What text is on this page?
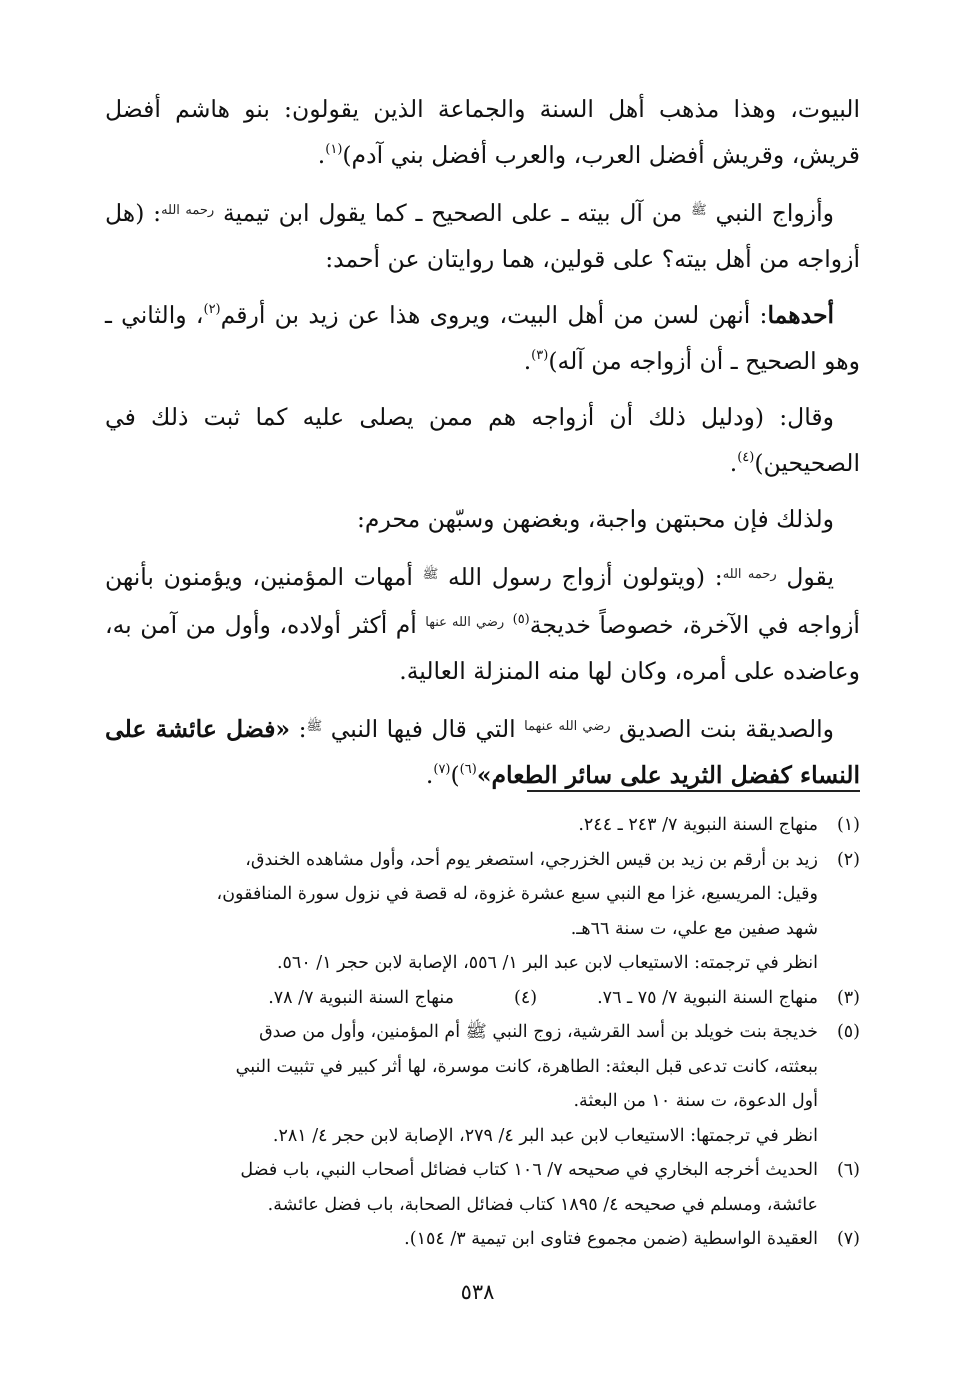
البيوت، وهذا مذهب أهل السنة والجماعة الذين يقولون: بنو هاشم أفضل قريش، وقريش أفضل العرب، والعرب أفضل بني آدم)$^{(١)}$.

وأزواج النبي $^ﷺ$ من آل بيته ـ على الصحيح ـ كما يقول ابن تيمية $^{رحمه الله}$: (هل أزواجه من أهل بيته؟ على قولين، هما روايتان عن أحمد:

أحدهما: أنهن لسن من أهل البيت، ويروى هذا عن زيد بن أرقم$^{(٢)}$، والثاني ـ وهو الصحيح ـ أن أزواجه من آله)$^{(٣)}$.

وقال: (ودليل ذلك أن أزواجه هم ممن يصلى عليه كما ثبت ذلك في الصحيحين)$^{(٤)}$.

ولذلك فإن محبتهن واجبة، وبغضهن وسبّهن محرم:

يقول $^{رحمه الله}$: (ويتولون أزواج رسول الله $^ﷺ$ أمهات المؤمنين، ويؤمنون بأنهن أزواجه في الآخرة، خصوصاً خديجة$^{(٥)}$ $^{رضي الله عنها}$ أم أكثر أولاده، وأول من آمن به، وعاضده على أمره، وكان لها منه المنزلة العالية.

والصديقة بنت الصديق $^{رضي الله عنهما}$ التي قال فيها النبي $^ﷺ$: «فضل عائشة على النساء كفضل الثريد على سائر الطعام»$^{(٦)}$)$^{(٧)}$.

(١)
منهاج السنة النبوية ٧/ ٢٤٣ ـ ٢٤٤.
(٢)
زيد بن أرقم بن زيد بن قيس الخزرجي، استصغر يوم أحد، وأول مشاهده الخندق،
وقيل: المريسيع، غزا مع النبي سبع عشرة غزوة، له قصة في نزول سورة المنافقون،
شهد صفين مع علي، ت سنة ٦٦هـ.
انظر في ترجمته: الاستيعاب لابن عبد البر ١/ ٥٥٦، الإصابة لابن حجر ١/ ٥٦٠.
(٣)
منهاج السنة النبوية ٧/ ٧٥ ـ ٧٦.
(٤)
منهاج السنة النبوية ٧/ ٧٨.
(٥)
خديجة بنت خويلد بن أسد القرشية، زوج النبي ﷺ أم المؤمنين، وأول من صدق
ببعثته، كانت تدعى قبل البعثة: الطاهرة، كانت موسرة، لها أثر كبير في تثبيت النبي
أول الدعوة، ت سنة ١٠ من البعثة.
انظر في ترجمتها: الاستيعاب لابن عبد البر ٤/ ٢٧٩، الإصابة لابن حجر ٤/ ٢٨١.
(٦)
الحديث أخرجه البخاري في صحيحه ٧/ ١٠٦ كتاب فضائل أصحاب النبي، باب فضل
عائشة، ومسلم في صحيحه ٤/ ١٨٩٥ كتاب فضائل الصحابة، باب فضل عائشة.
(٧)
العقيدة الواسطية (ضمن مجموع فتاوى ابن تيمية ٣/ ١٥٤).
٥٣٨
